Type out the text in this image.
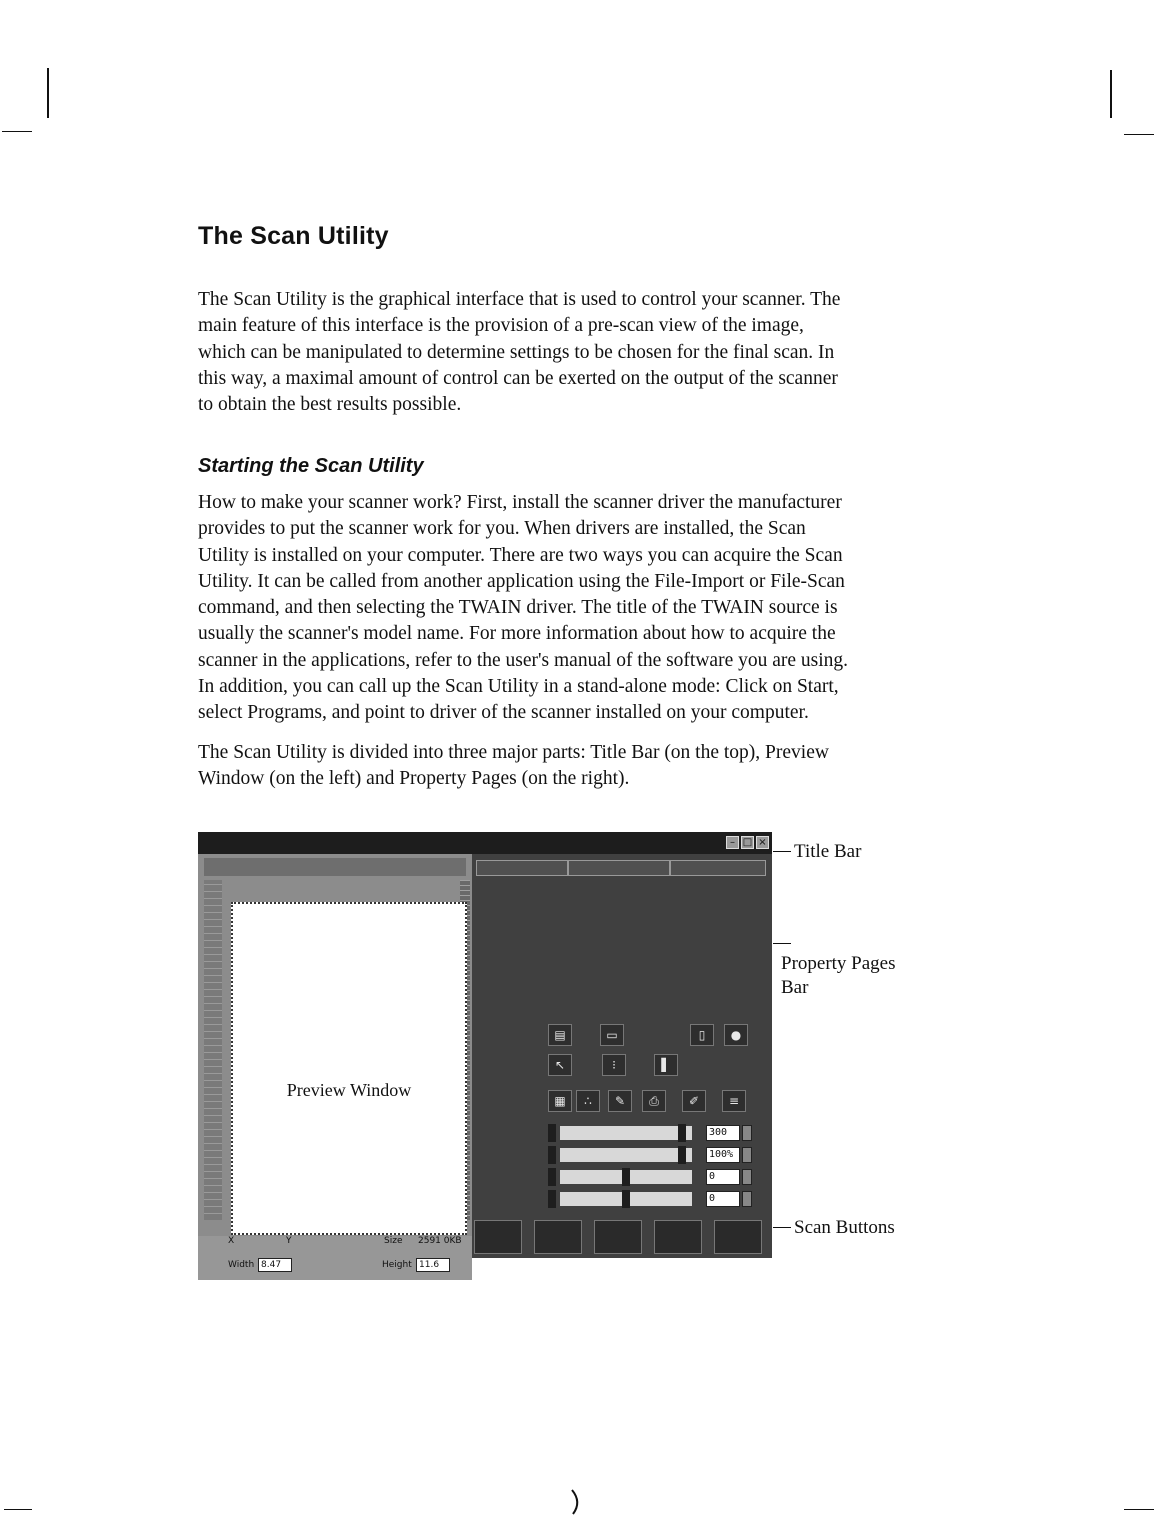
The Scan Utility

The Scan Utility is the graphical interface that is used to control your scanner. The
main feature of this interface is the provision of a pre-scan view of the image,
which can be manipulated to determine settings to be chosen for the final scan. In
this way, a maximal amount of control can be exerted on the output of the scanner
to obtain the best results possible.

Starting the Scan Utility

How to make your scanner work? First, install the scanner driver the manufacturer
provides to put the scanner work for you. When drivers are installed, the Scan
Utility is installed on your computer. There are two ways you can acquire the Scan
Utility. It can be called from another application using the File-Import or File-Scan
command, and then selecting the TWAIN driver. The title of the TWAIN source is
usually the scanner's model name. For more information about how to acquire the
scanner in the applications, refer to the user's manual of the software you are using.
In addition, you can call up the Scan Utility in a stand-alone mode: Click on Start,
select Programs, and point to driver of the scanner installed on your computer.

The Scan Utility is divided into three major parts: Title Bar (on the top), Preview
Window (on the left) and Property Pages (on the right).

– □ ×
Preview Window
X	Y	Size 2591 0KB
Width 8.47	Height 11.6
▤	▭	▯	●
↖	⁝	▌
▦	∴	✎	⎙	✐	≡
300
100%
0
0
Title Bar
Property Pages
Bar
Scan Buttons
